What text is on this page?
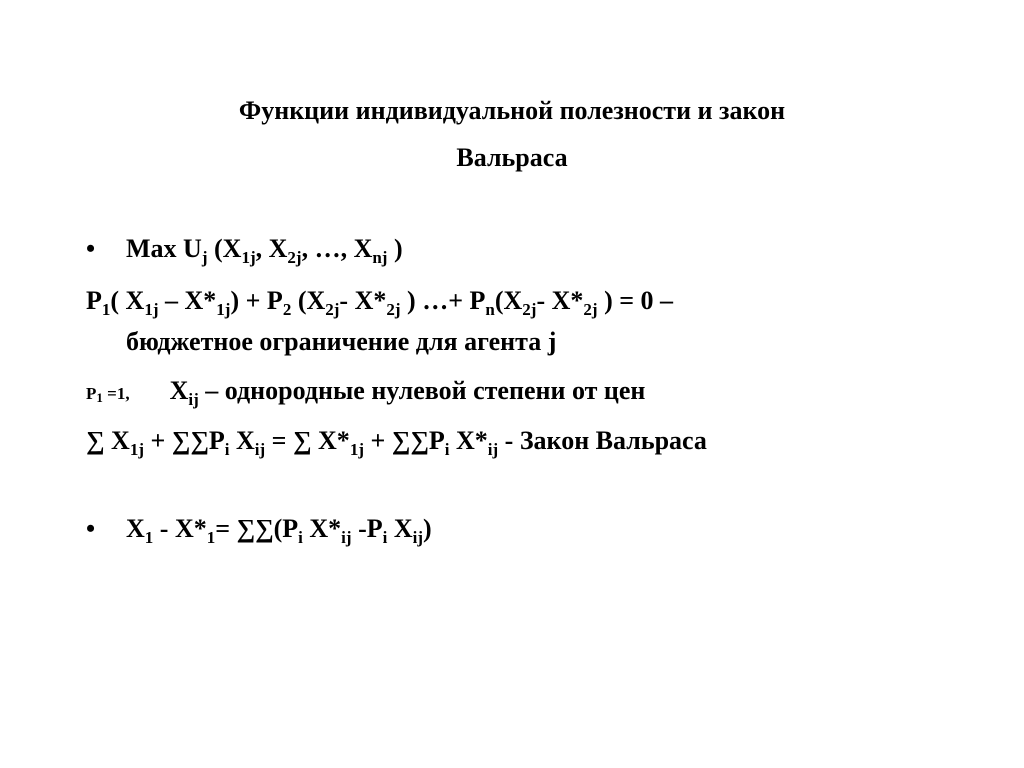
Функции индивидуальной полезности и закон
Вальраса
• Max $U_j$ ($X_{1j}$, $X_{2j}$, …, $X_{nj}$ )
$P_1$( $X_{1j} - X*_{1j}) + P_2$ ($X_{2j}-$ $X*_{2j}$ ) …+ $P_n(X_{2j}-$ $X*_{2j}$ ) = 0 –
бюджетное ограничение для агента j
$P_1 =1$, $X_{ij}$ – однородные нулевой степени от цен
∑ $X_{1j} + \sum\sum P_i$ $X_{ij}$ = ∑ $X*_{1j} + \sum\sum P_i$ $X*_{ij}$ - Закон Вальраса
• $X_1 - X*_1= \sum\sum(P_i$ $X*_{ij}$ $-P_i$ $X_{ij}$)
